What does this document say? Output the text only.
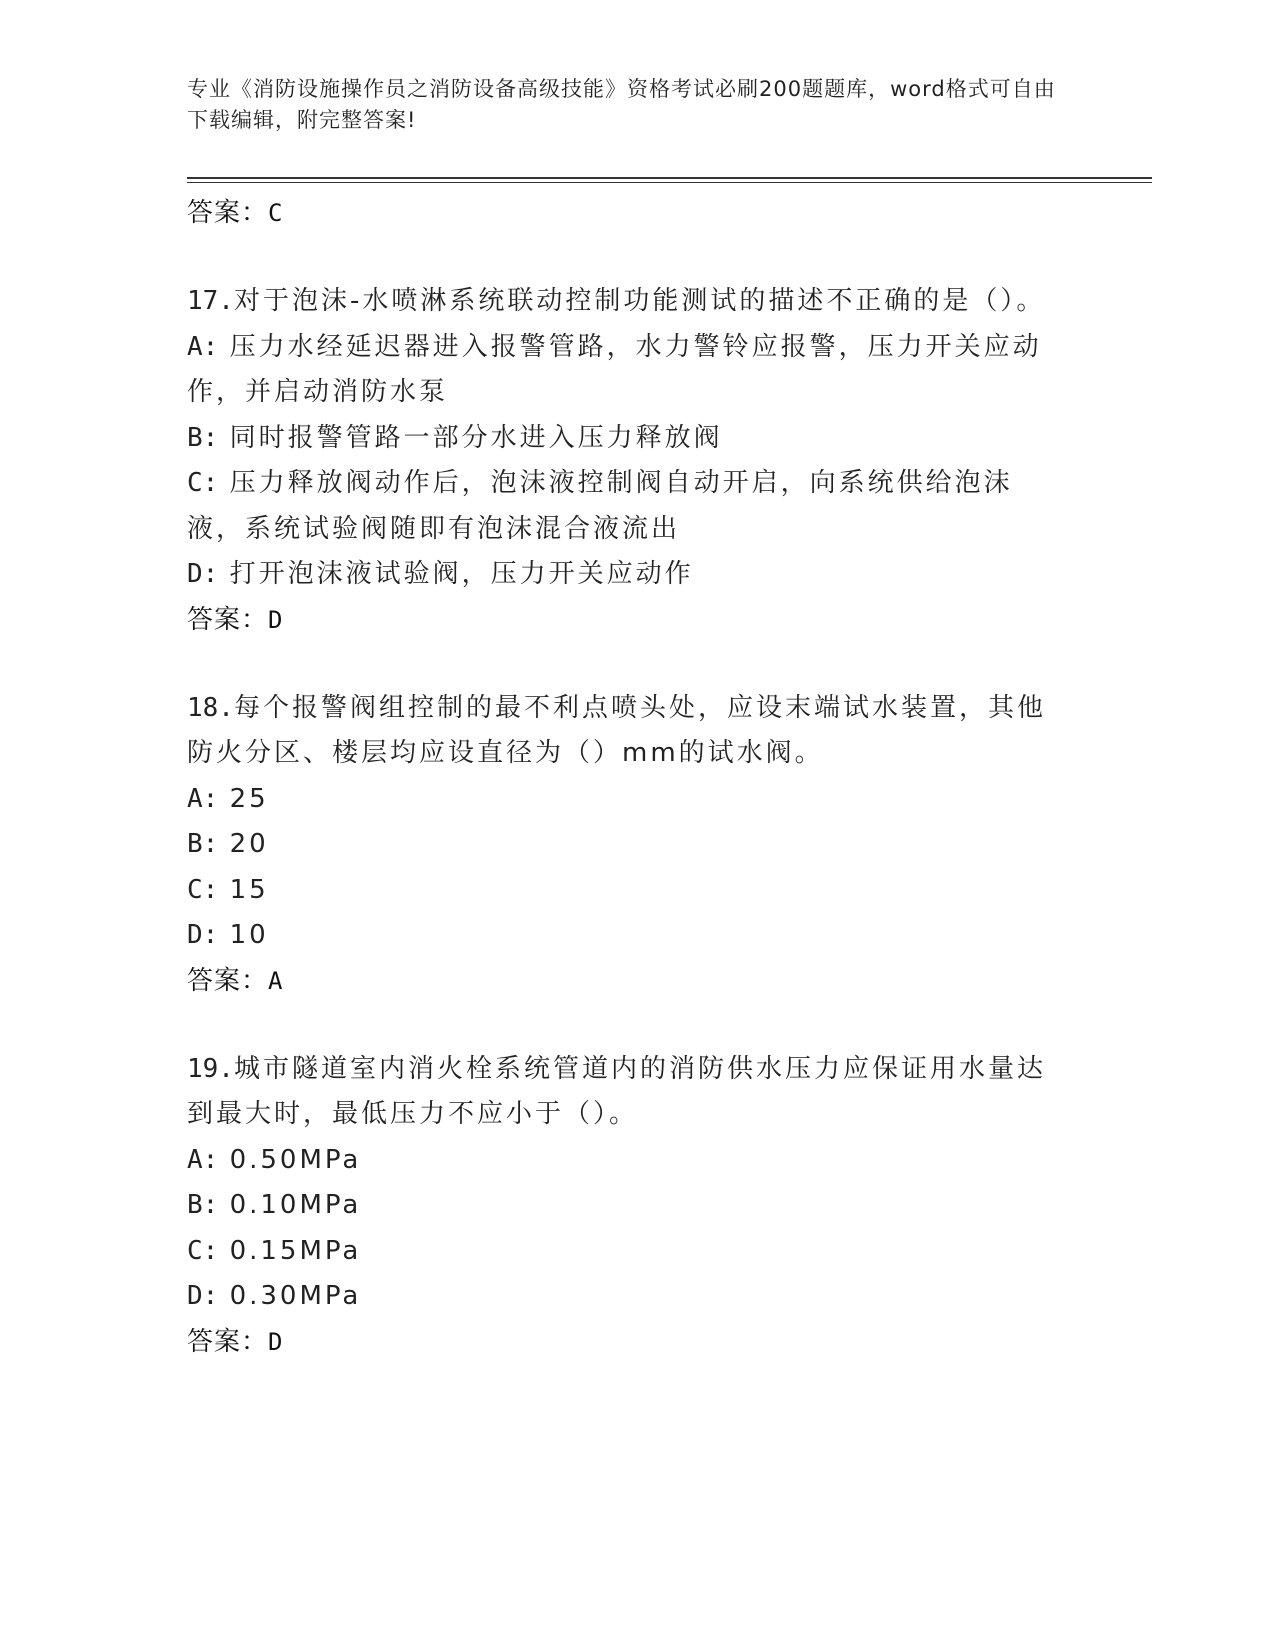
专业《消防设施操作员之消防设备高级技能》资格考试必刷200题题库，word格式可自由下载编辑，附完整答案!
答案：C
17.对于泡沫-水喷淋系统联动控制功能测试的描述不正确的是（）。
A: 压力水经延迟器进入报警管路，水力警铃应报警，压力开关应动作，并启动消防水泵
B: 同时报警管路一部分水进入压力释放阀
C: 压力释放阀动作后，泡沫液控制阀自动开启，向系统供给泡沫液，系统试验阀随即有泡沫混合液流出
D: 打开泡沫液试验阀，压力开关应动作
答案：D
18.每个报警阀组控制的最不利点喷头处，应设末端试水装置，其他防火分区、楼层均应设直径为（）mm的试水阀。
A: 25
B: 20
C: 15
D: 10
答案：A
19.城市隧道室内消火栓系统管道内的消防供水压力应保证用水量达到最大时，最低压力不应小于（）。
A: 0.50MPa
B: 0.10MPa
C: 0.15MPa
D: 0.30MPa
答案：D
